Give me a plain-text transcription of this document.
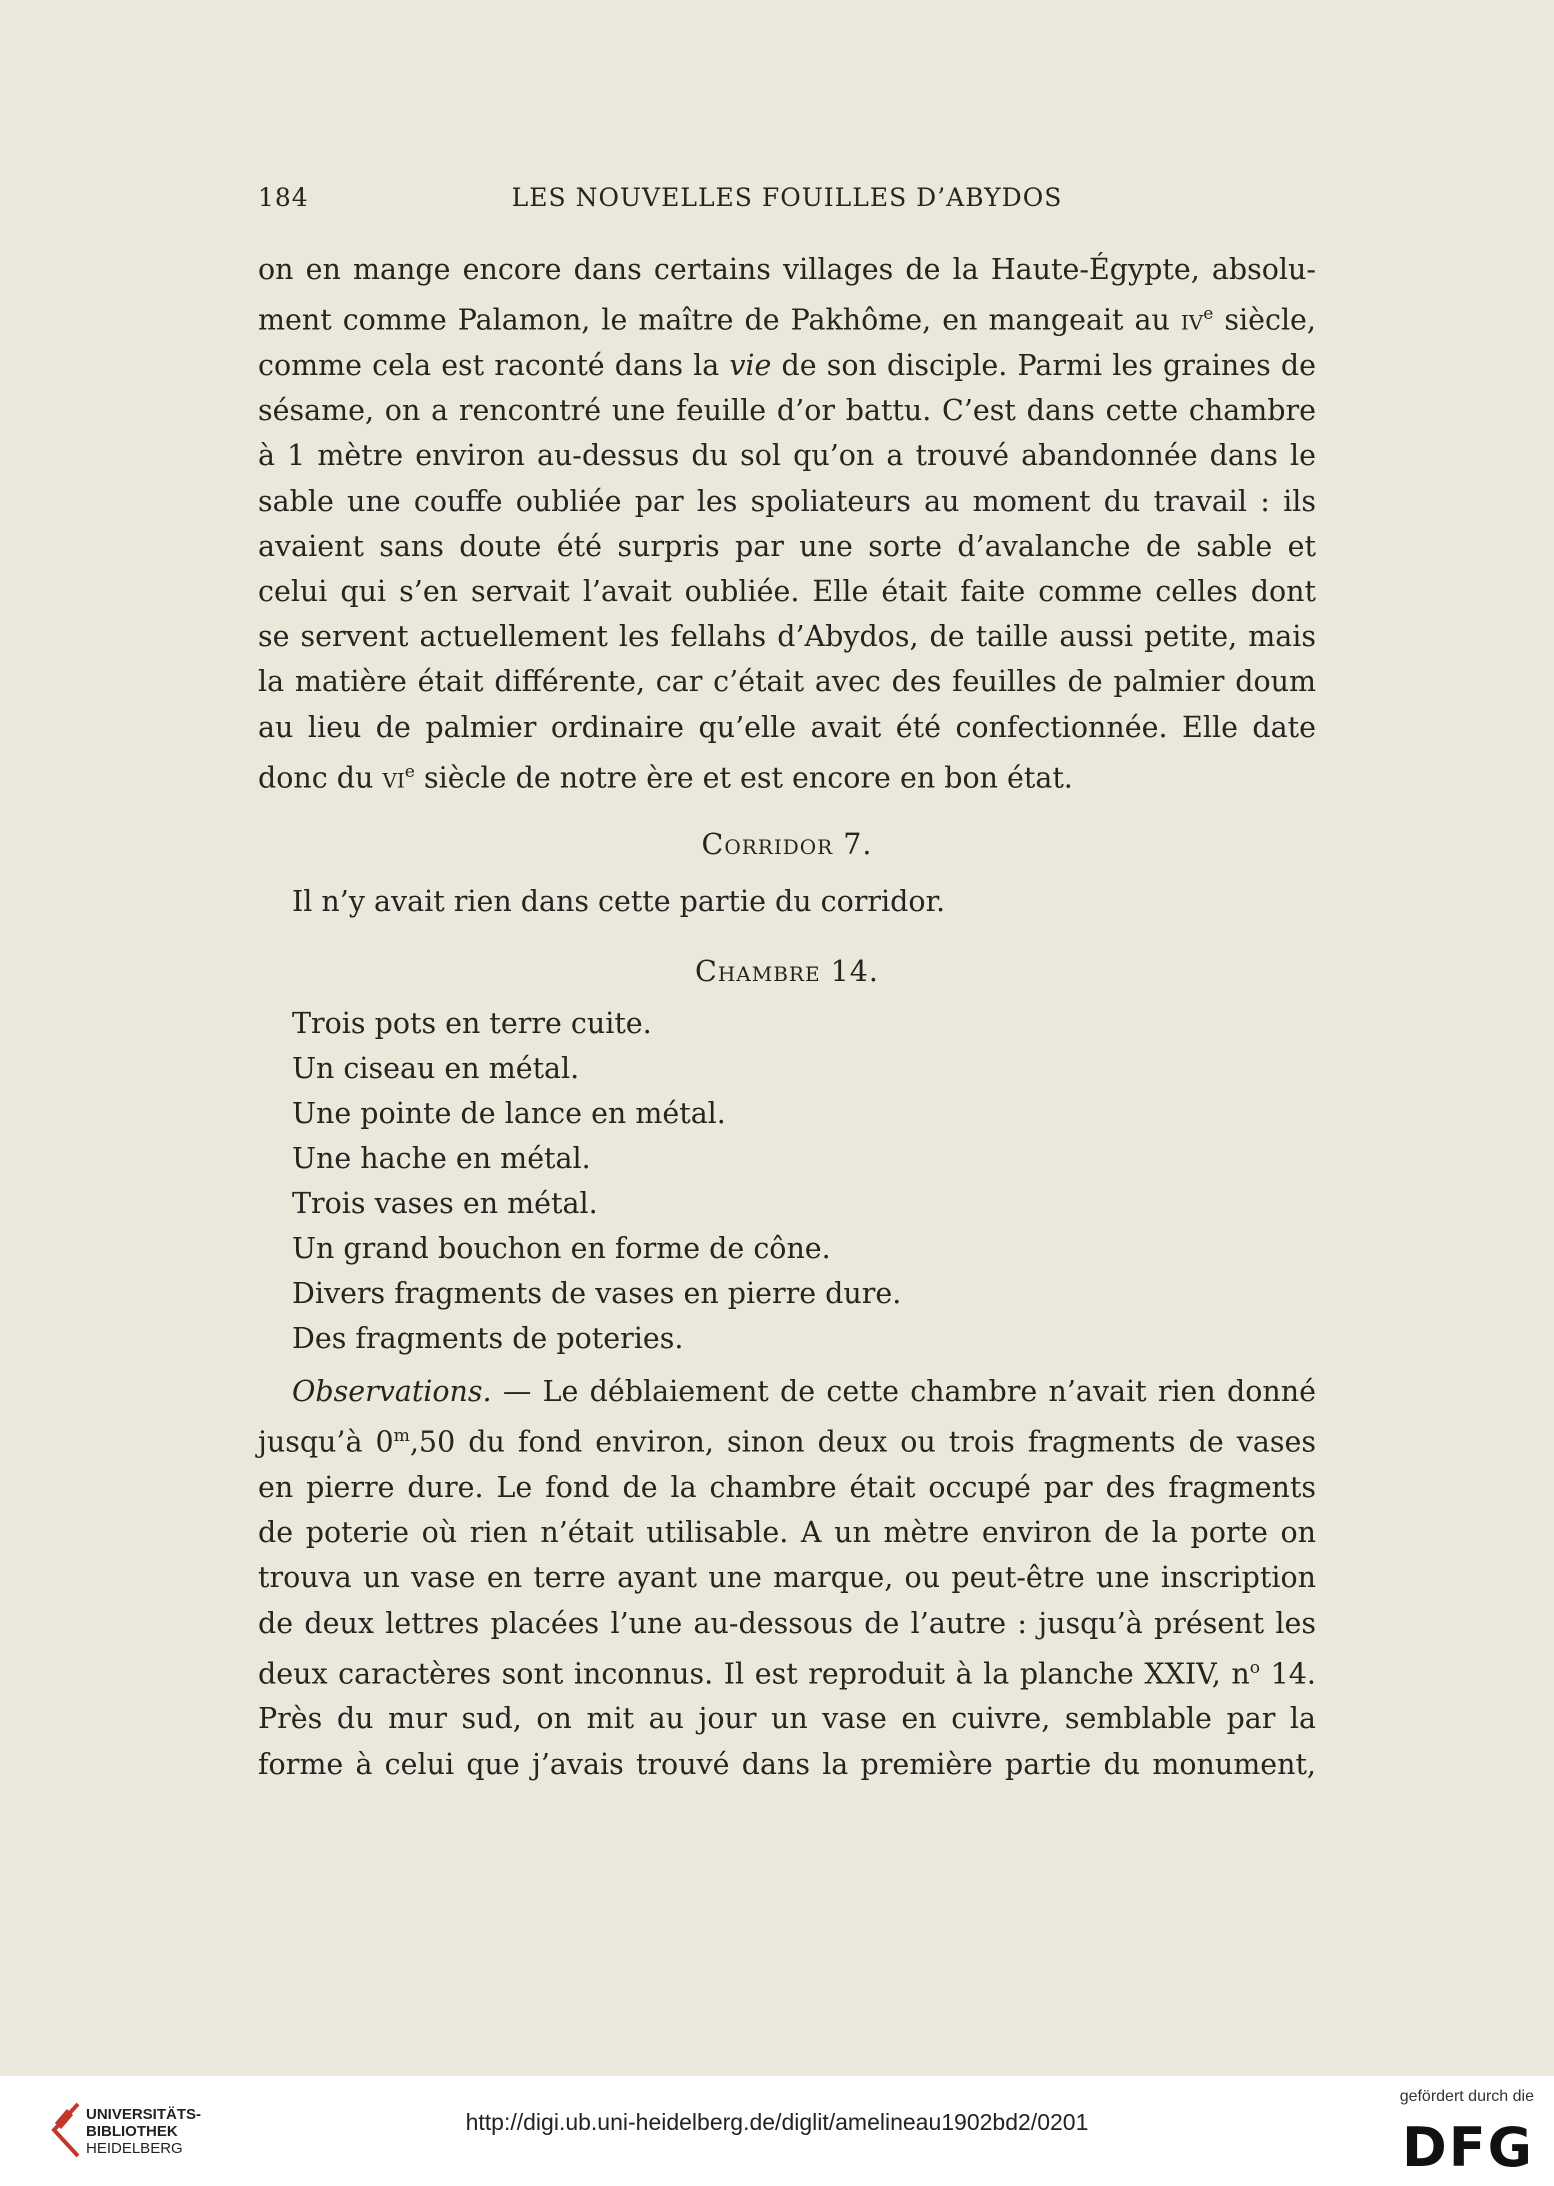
184	LES NOUVELLES FOUILLES D’ABYDOS
on en mange encore dans certains villages de la Haute-Égypte, absolu-
ment comme Palamon, le maître de Pakhôme, en mangeait au $iv^e$ siècle,
comme cela est raconté dans la vie de son disciple. Parmi les graines de
sésame, on a rencontré une feuille d’or battu. C’est dans cette chambre
à 1 mètre environ au-dessus du sol qu’on a trouvé abandonnée dans le
sable une couffe oubliée par les spoliateurs au moment du travail : ils
avaient sans doute été surpris par une sorte d’avalanche de sable et
celui qui s’en servait l’avait oubliée. Elle était faite comme celles dont
se servent actuellement les fellahs d’Abydos, de taille aussi petite, mais
la matière était différente, car c’était avec des feuilles de palmier doum
au lieu de palmier ordinaire qu’elle avait été confectionnée. Elle date
donc du $vi^e$ siècle de notre ère et est encore en bon état.
Corridor 7.
Il n’y avait rien dans cette partie du corridor.
Chambre 14.
Trois pots en terre cuite.
Un ciseau en métal.
Une pointe de lance en métal.
Une hache en métal.
Trois vases en métal.
Un grand bouchon en forme de cône.
Divers fragments de vases en pierre dure.
Des fragments de poteries.
Observations. — Le déblaiement de cette chambre n’avait rien donné
jusqu’à 0$^m$,50 du fond environ, sinon deux ou trois fragments de vases
en pierre dure. Le fond de la chambre était occupé par des fragments
de poterie où rien n’était utilisable. A un mètre environ de la porte on
trouva un vase en terre ayant une marque, ou peut-être une inscription
de deux lettres placées l’une au-dessous de l’autre : jusqu’à présent les
deux caractères sont inconnus. Il est reproduit à la planche XXIV, $n^o$ 14.
Près du mur sud, on mit au jour un vase en cuivre, semblable par la
forme à celui que j’avais trouvé dans la première partie du monument,
UNIVERSITÄTS-
BIBLIOTHEK
HEIDELBERG
http://digi.ub.uni-heidelberg.de/diglit/amelineau1902bd2/0201
gefördert durch die
DFG
